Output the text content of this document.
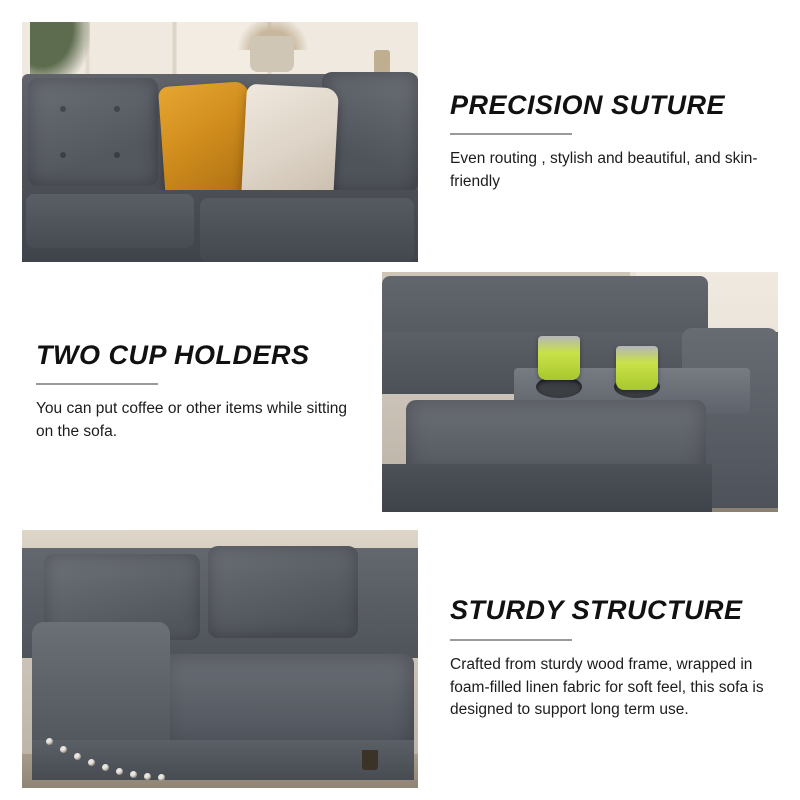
PRECISION SUTURE
Even routing , stylish and beautiful, and skin-friendly
TWO CUP HOLDERS
You can put coffee or other items while sitting on the sofa.
STURDY STRUCTURE
Crafted from sturdy wood frame, wrapped in foam-filled linen fabric for soft feel, this sofa is designed to support long term use.
